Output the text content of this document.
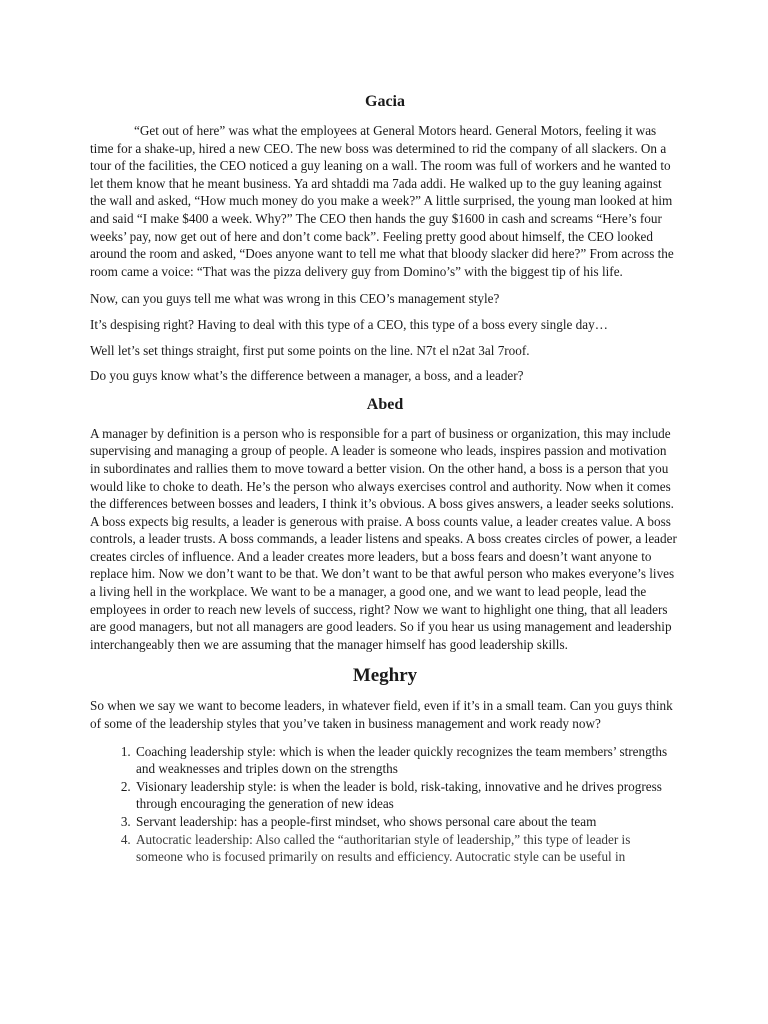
Gacia

“Get out of here” was what the employees at General Motors heard. General Motors, feeling it was time for a shake-up, hired a new CEO. The new boss was determined to rid the company of all slackers. On a tour of the facilities, the CEO noticed a guy leaning on a wall. The room was full of workers and he wanted to let them know that he meant business. Ya ard shtaddi ma 7ada addi. He walked up to the guy leaning against the wall and asked, “How much money do you make a week?” A little surprised, the young man looked at him and said “I make $400 a week. Why?” The CEO then hands the guy $1600 in cash and screams “Here’s four weeks’ pay, now get out of here and don’t come back”. Feeling pretty good about himself, the CEO looked around the room and asked, “Does anyone want to tell me what that bloody slacker did here?” From across the room came a voice: “That was the pizza delivery guy from Domino’s” with the biggest tip of his life.

Now, can you guys tell me what was wrong in this CEO’s management style?

It’s despising right? Having to deal with this type of a CEO, this type of a boss every single day…

Well let’s set things straight, first put some points on the line. N7t el n2at 3al 7roof.

Do you guys know what’s the difference between a manager, a boss, and a leader?

Abed

A manager by definition is a person who is responsible for a part of business or organization, this may include supervising and managing a group of people. A leader is someone who leads, inspires passion and motivation in subordinates and rallies them to move toward a better vision. On the other hand, a boss is a person that you would like to choke to death. He’s the person who always exercises control and authority. Now when it comes the differences between bosses and leaders, I think it’s obvious. A boss gives answers, a leader seeks solutions. A boss expects big results, a leader is generous with praise. A boss counts value, a leader creates value. A boss controls, a leader trusts. A boss commands, a leader listens and speaks. A boss creates circles of power, a leader creates circles of influence. And a leader creates more leaders, but a boss fears and doesn’t want anyone to replace him. Now we don’t want to be that. We don’t want to be that awful person who makes everyone’s lives a living hell in the workplace. We want to be a manager, a good one, and we want to lead people, lead the employees in order to reach new levels of success, right? Now we want to highlight one thing, that all leaders are good managers, but not all managers are good leaders. So if you hear us using management and leadership interchangeably then we are assuming that the manager himself has good leadership skills.

Meghry

So when we say we want to become leaders, in whatever field, even if it’s in a small team. Can you guys think of some of the leadership styles that you’ve taken in business management and work ready now?

1. Coaching leadership style: which is when the leader quickly recognizes the team members’ strengths and weaknesses and triples down on the strengths
2. Visionary leadership style: is when the leader is bold, risk-taking, innovative and he drives progress through encouraging the generation of new ideas
3. Servant leadership: has a people-first mindset, who shows personal care about the team
4. Autocratic leadership: Also called the “authoritarian style of leadership,” this type of leader is someone who is focused primarily on results and efficiency. Autocratic style can be useful in
